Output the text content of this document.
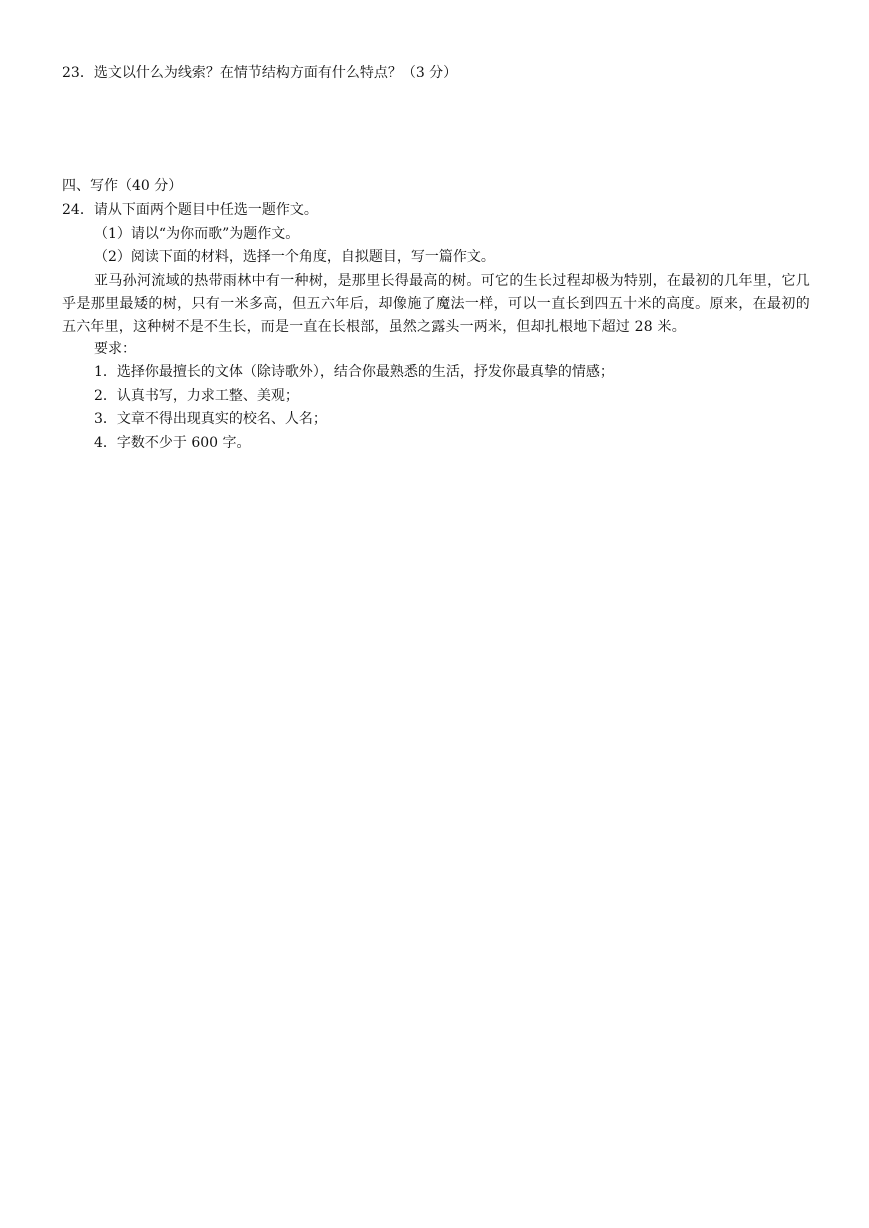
23．选文以什么为线索？在情节结构方面有什么特点？（3 分）
四、写作（40 分）
24．请从下面两个题目中任选一题作文。
（1）请以“为你而歌”为题作文。
（2）阅读下面的材料，选择一个角度，自拟题目，写一篇作文。
亚马孙河流域的热带雨林中有一种树，是那里长得最高的树。可它的生长过程却极为特别，在最初的几年里，它几乎是那里最矮的树，只有一米多高，但五六年后，却像施了魔法一样，可以一直长到四五十米的高度。原来，在最初的五六年里，这种树不是不生长，而是一直在长根部，虽然之露头一两米，但却扎根地下超过 28 米。
要求：
1．选择你最擅长的文体（除诗歌外），结合你最熟悉的生活，抒发你最真挚的情感；
2．认真书写，力求工整、美观；
3．文章不得出现真实的校名、人名；
4．字数不少于 600 字。
